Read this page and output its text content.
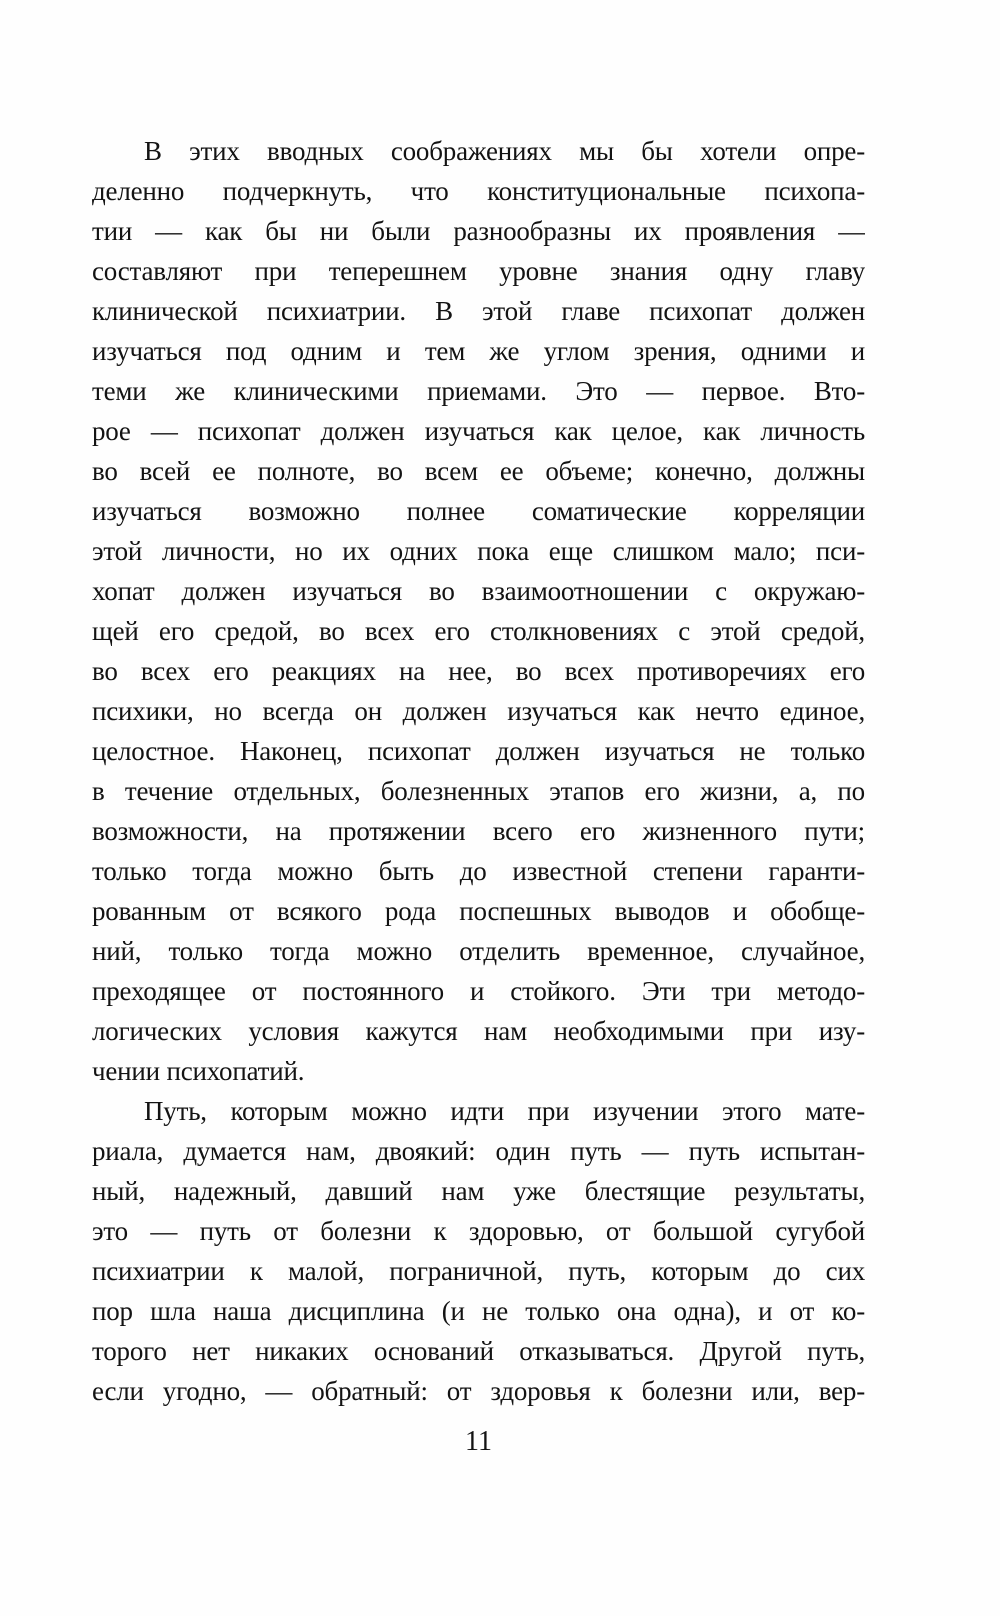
В этих вводных соображениях мы бы хотели опре-
деленно подчеркнуть, что конституциональные психопа-
тии — как бы ни были разнообразны их проявления —
составляют при теперешнем уровне знания одну главу
клинической психиатрии. В этой главе психопат должен
изучаться под одним и тем же углом зрения, одними и
теми же клиническими приемами. Это — первое. Вто-
рое — психопат должен изучаться как целое, как личность
во всей ее полноте, во всем ее объеме; конечно, должны
изучаться возможно полнее соматические корреляции
этой личности, но их одних пока еще слишком мало; пси-
хопат должен изучаться во взаимоотношении с окружаю-
щей его средой, во всех его столкновениях с этой средой,
во всех его реакциях на нее, во всех противоречиях его
психики, но всегда он должен изучаться как нечто единое,
целостное. Наконец, психопат должен изучаться не только
в течение отдельных, болезненных этапов его жизни, а, по
возможности, на протяжении всего его жизненного пути;
только тогда можно быть до известной степени гаранти-
рованным от всякого рода поспешных выводов и обобще-
ний, только тогда можно отделить временное, случайное,
преходящее от постоянного и стойкого. Эти три методо-
логических условия кажутся нам необходимыми при изу-
чении психопатий.
Путь, которым можно идти при изучении этого мате-
риала, думается нам, двоякий: один путь — путь испытан-
ный, надежный, давший нам уже блестящие результаты,
это — путь от болезни к здоровью, от большой сугубой
психиатрии к малой, пограничной, путь, которым до сих
пор шла наша дисциплина (и не только она одна), и от ко-
торого нет никаких оснований отказываться. Другой путь,
если угодно, — обратный: от здоровья к болезни или, вер-
11
